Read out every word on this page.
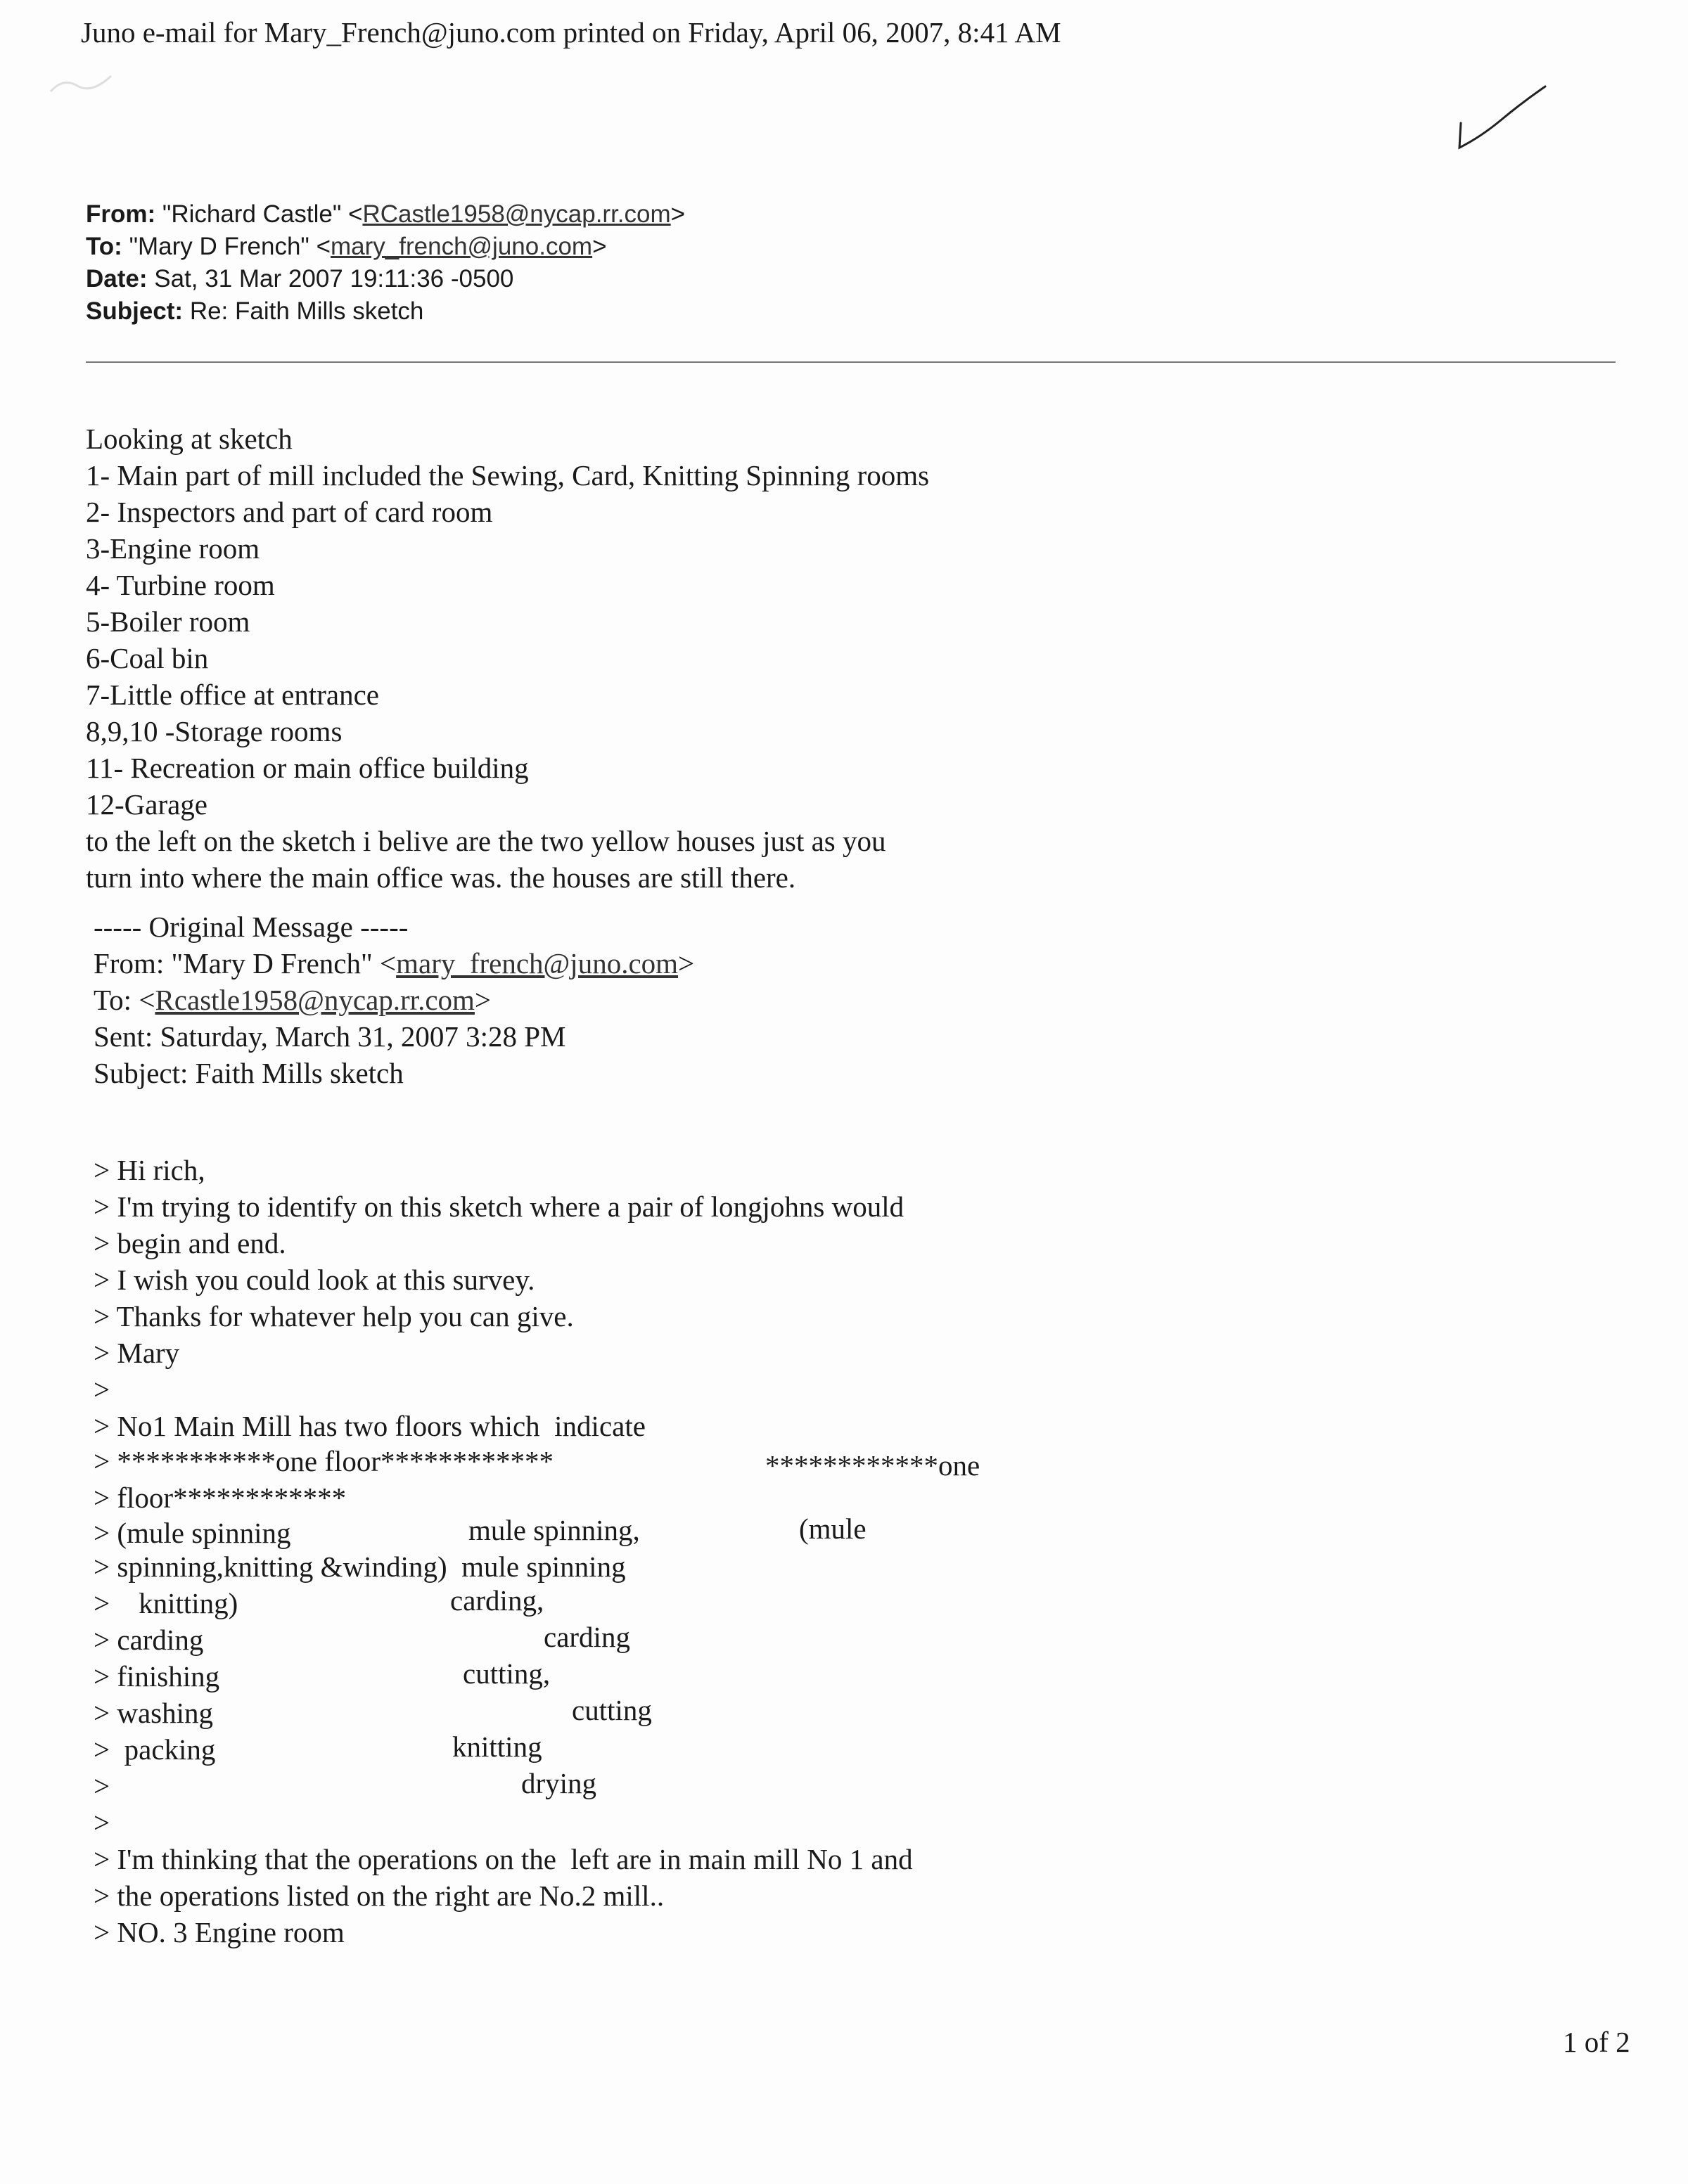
Juno e-mail for Mary_French@juno.com printed on Friday, April 06, 2007, 8:41 AM
From: "Richard Castle" <RCastle1958@nycap.rr.com>
To: "Mary D French" <mary_french@juno.com>
Date: Sat, 31 Mar 2007 19:11:36 -0500
Subject: Re: Faith Mills sketch
Looking at sketch
1- Main part of mill included the Sewing, Card, Knitting Spinning rooms
2- Inspectors and part of card room
3-Engine room
4- Turbine room
5-Boiler room
6-Coal bin
7-Little office at entrance
8,9,10 -Storage rooms
11- Recreation or main office building
12-Garage
to the left on the sketch i belive are the two yellow houses just as you
turn into where the main office was. the houses are still there.
----- Original Message -----
From: "Mary D French" <mary_french@juno.com>
To: <Rcastle1958@nycap.rr.com>
Sent: Saturday, March 31, 2007 3:28 PM
Subject: Faith Mills sketch
> Hi rich,
> I'm trying to identify on this sketch where a pair of longjohns would
> begin and end.
> I wish you could look at this survey.
> Thanks for whatever help you can give.
> Mary
>
> No1 Main Mill has two floors which  indicate
> ***********one floor************	************one
> floor************
> (mule spinning	mule spinning,	(mule
> spinning,knitting &winding)  mule spinning
>    knitting)	carding,
> carding	carding
> finishing	cutting,
> washing	cutting
>  packing	knitting
>	drying
>
> I'm thinking that the operations on the  left are in main mill No 1 and
> the operations listed on the right are No.2 mill..
> NO. 3 Engine room
1 of 2
